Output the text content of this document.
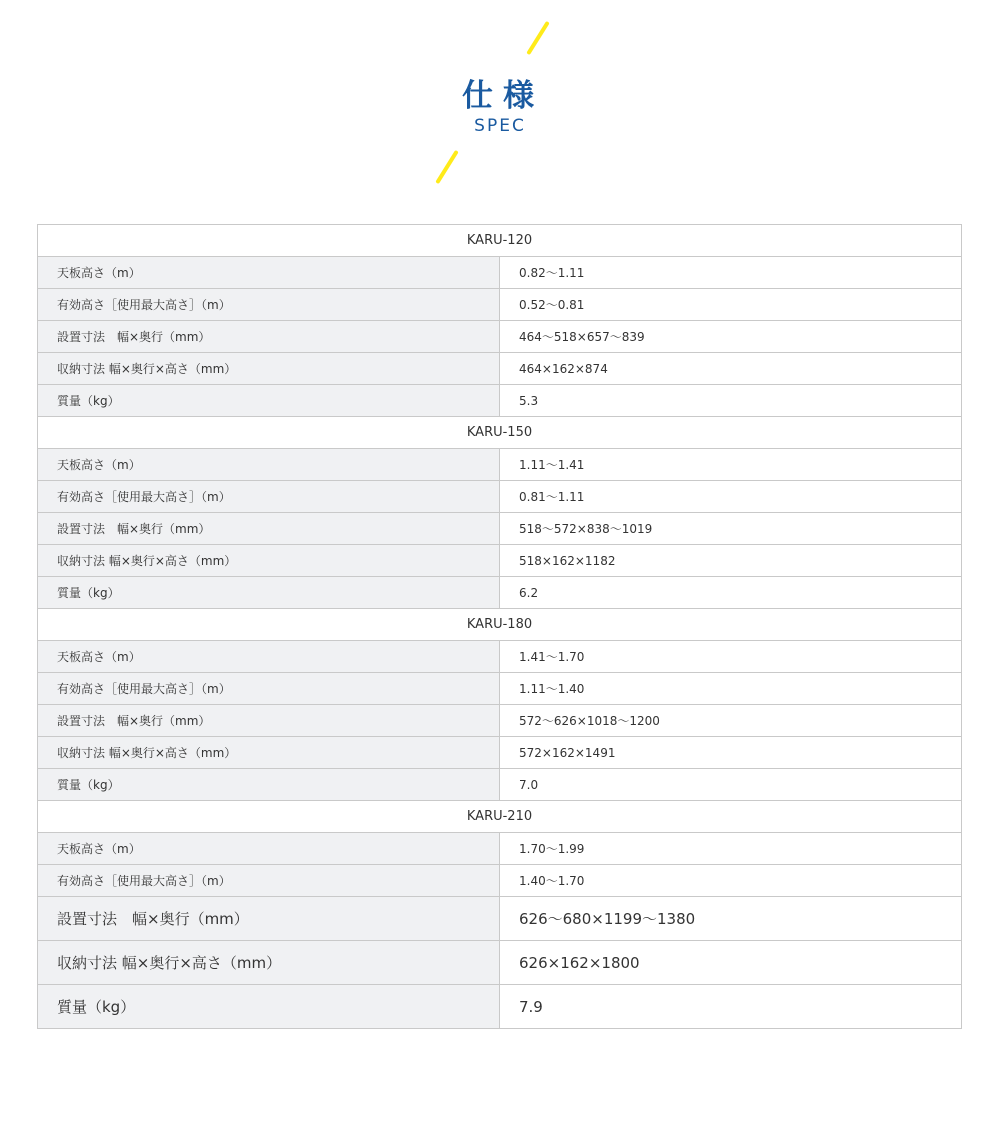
仕様
SPEC
KARU-120	
天板高さ（m）	0.82〜1.11
有効高さ［使用最大高さ］（m）	0.52〜0.81
設置寸法　幅×奥行（mm）	464〜518×657〜839
収納寸法 幅×奥行×高さ（mm）	464×162×874
質量（kg）	5.3
KARU-150	
天板高さ（m）	1.11〜1.41
有効高さ［使用最大高さ］（m）	0.81〜1.11
設置寸法　幅×奥行（mm）	518〜572×838〜1019
収納寸法 幅×奥行×高さ（mm）	518×162×1182
質量（kg）	6.2
KARU-180	
天板高さ（m）	1.41〜1.70
有効高さ［使用最大高さ］（m）	1.11〜1.40
設置寸法　幅×奥行（mm）	572〜626×1018〜1200
収納寸法 幅×奥行×高さ（mm）	572×162×1491
質量（kg）	7.0
KARU-210	
天板高さ（m）	1.70〜1.99
有効高さ［使用最大高さ］（m）	1.40〜1.70
設置寸法　幅×奥行（mm）	626〜680×1199〜1380
収納寸法 幅×奥行×高さ（mm）	626×162×1800
質量（kg）	7.9
